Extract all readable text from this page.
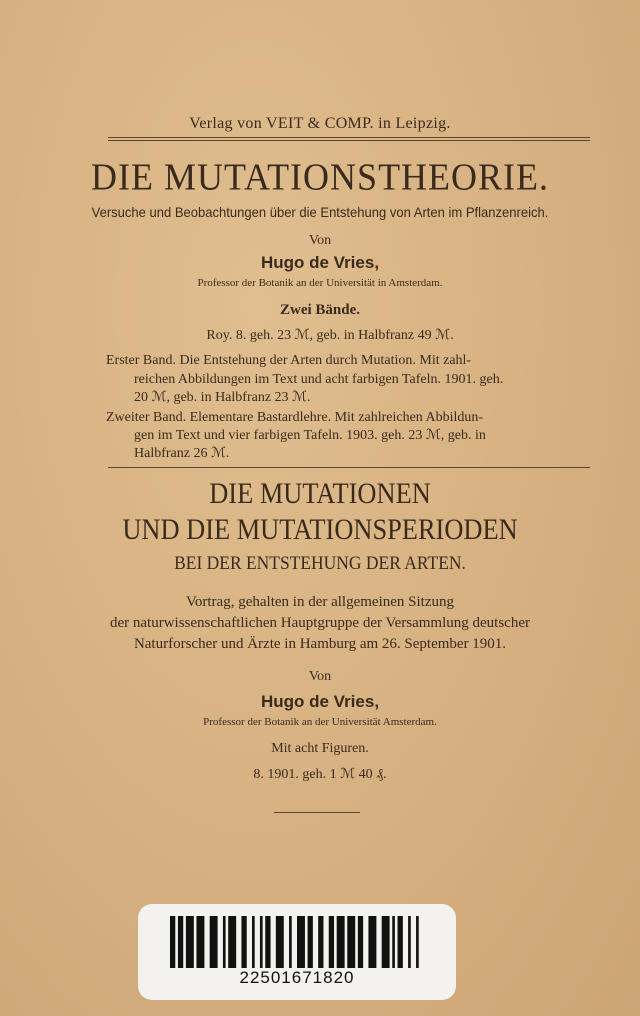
Verlag von VEIT & COMP. in Leipzig.
DIE MUTATIONSTHEORIE.
Versuche und Beobachtungen über die Entstehung von Arten im Pflanzenreich.
Von
Hugo de Vries,
Professor der Botanik an der Universität in Amsterdam.
Zwei Bände.
Roy. 8. geh. 23 ℳ, geb. in Halbfranz 49 ℳ.
Erster Band. Die Entstehung der Arten durch Mutation. Mit zahl-
reichen Abbildungen im Text und acht farbigen Tafeln. 1901. geh.
20 ℳ, geb. in Halbfranz 23 ℳ.
Zweiter Band. Elementare Bastardlehre. Mit zahlreichen Abbildun-
gen im Text und vier farbigen Tafeln. 1903. geh. 23 ℳ, geb. in
Halbfranz 26 ℳ.
DIE MUTATIONEN
UND DIE MUTATIONSPERIODEN
BEI DER ENTSTEHUNG DER ARTEN.
Vortrag, gehalten in der allgemeinen Sitzung
der naturwissenschaftlichen Hauptgruppe der Versammlung deutscher
Naturforscher und Ärzte in Hamburg am 26. September 1901.
Von
Hugo de Vries,
Professor der Botanik an der Universität Amsterdam.
Mit acht Figuren.
8. 1901. geh. 1 ℳ 40 ₰.
22501671820
